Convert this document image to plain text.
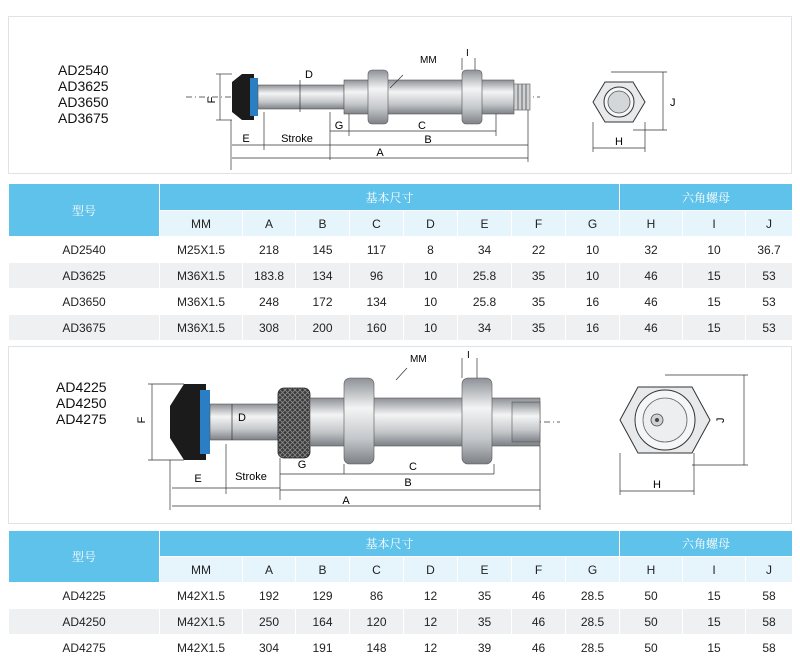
AD2540
AD3625
AD3650
AD3675
E	Stroke
G	C
B
A
D
F
MM
I
J
H
型号	基本尺寸								六角螺母		
	MM	A	B	C	D	E	F	G	H	I	J
AD2540	M25X1.5	218	145	117	8	34	22	10	32	10	36.7
AD3625	M36X1.5	183.8	134	96	10	25.8	35	10	46	15	53
AD3650	M36X1.5	248	172	134	10	25.8	35	16	46	15	53
AD3675	M36X1.5	308	200	160	10	34	35	16	46	15	53
AD4225
AD4250
AD4275
E	Stroke
G	C
B
A
D
F
MM	I
J
H
型号	基本尺寸								六角螺母		
	MM	A	B	C	D	E	F	G	H	I	J
AD4225	M42X1.5	192	129	86	12	35	46	28.5	50	15	58
AD4250	M42X1.5	250	164	120	12	35	46	28.5	50	15	58
AD4275	M42X1.5	304	191	148	12	39	46	28.5	50	15	58
